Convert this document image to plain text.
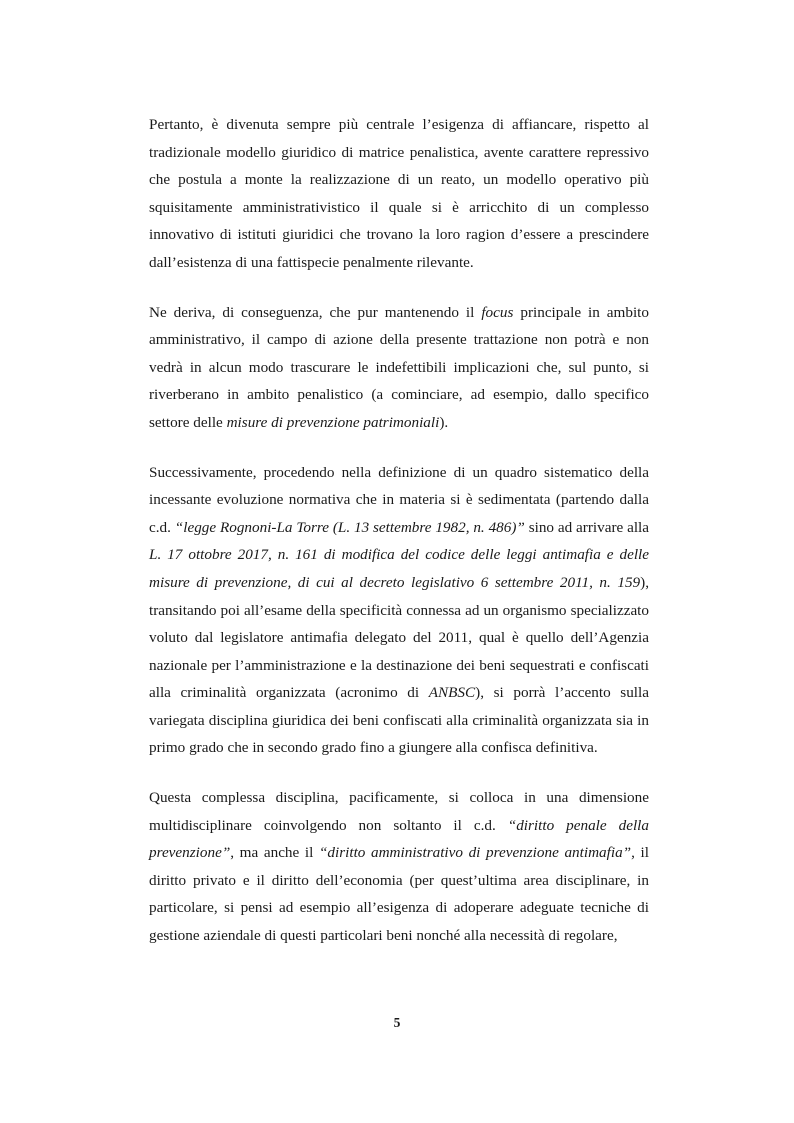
Pertanto, è divenuta sempre più centrale l’esigenza di affiancare, rispetto al tradizionale modello giuridico di matrice penalistica, avente carattere repressivo che postula a monte la realizzazione di un reato, un modello operativo più squisitamente amministrativistico il quale si è arricchito di un complesso innovativo di istituti giuridici che trovano la loro ragion d’essere a prescindere dall’esistenza di una fattispecie penalmente rilevante.

Ne deriva, di conseguenza, che pur mantenendo il focus principale in ambito amministrativo, il campo di azione della presente trattazione non potrà e non vedrà in alcun modo trascurare le indefettibili implicazioni che, sul punto, si riverberano in ambito penalistico (a cominciare, ad esempio, dallo specifico settore delle misure di prevenzione patrimoniali).

Successivamente, procedendo nella definizione di un quadro sistematico della incessante evoluzione normativa che in materia si è sedimentata (partendo dalla c.d. “legge Rognoni-La Torre (L. 13 settembre 1982, n. 486)” sino ad arrivare alla L. 17 ottobre 2017, n. 161 di modifica del codice delle leggi antimafia e delle misure di prevenzione, di cui al decreto legislativo 6 settembre 2011, n. 159), transitando poi all’esame della specificità connessa ad un organismo specializzato voluto dal legislatore antimafia delegato del 2011, qual è quello dell’Agenzia nazionale per l’amministrazione e la destinazione dei beni sequestrati e confiscati alla criminalità organizzata (acronimo di ANBSC), si porrà l’accento sulla variegata disciplina giuridica dei beni confiscati alla criminalità organizzata sia in primo grado che in secondo grado fino a giungere alla confisca definitiva.

Questa complessa disciplina, pacificamente, si colloca in una dimensione multidisciplinare coinvolgendo non soltanto il c.d. “diritto penale della prevenzione”, ma anche il “diritto amministrativo di prevenzione antimafia”, il diritto privato e il diritto dell’economia (per quest’ultima area disciplinare, in particolare, si pensi ad esempio all’esigenza di adoperare adeguate tecniche di gestione aziendale di questi particolari beni nonché alla necessità di regolare,

5
